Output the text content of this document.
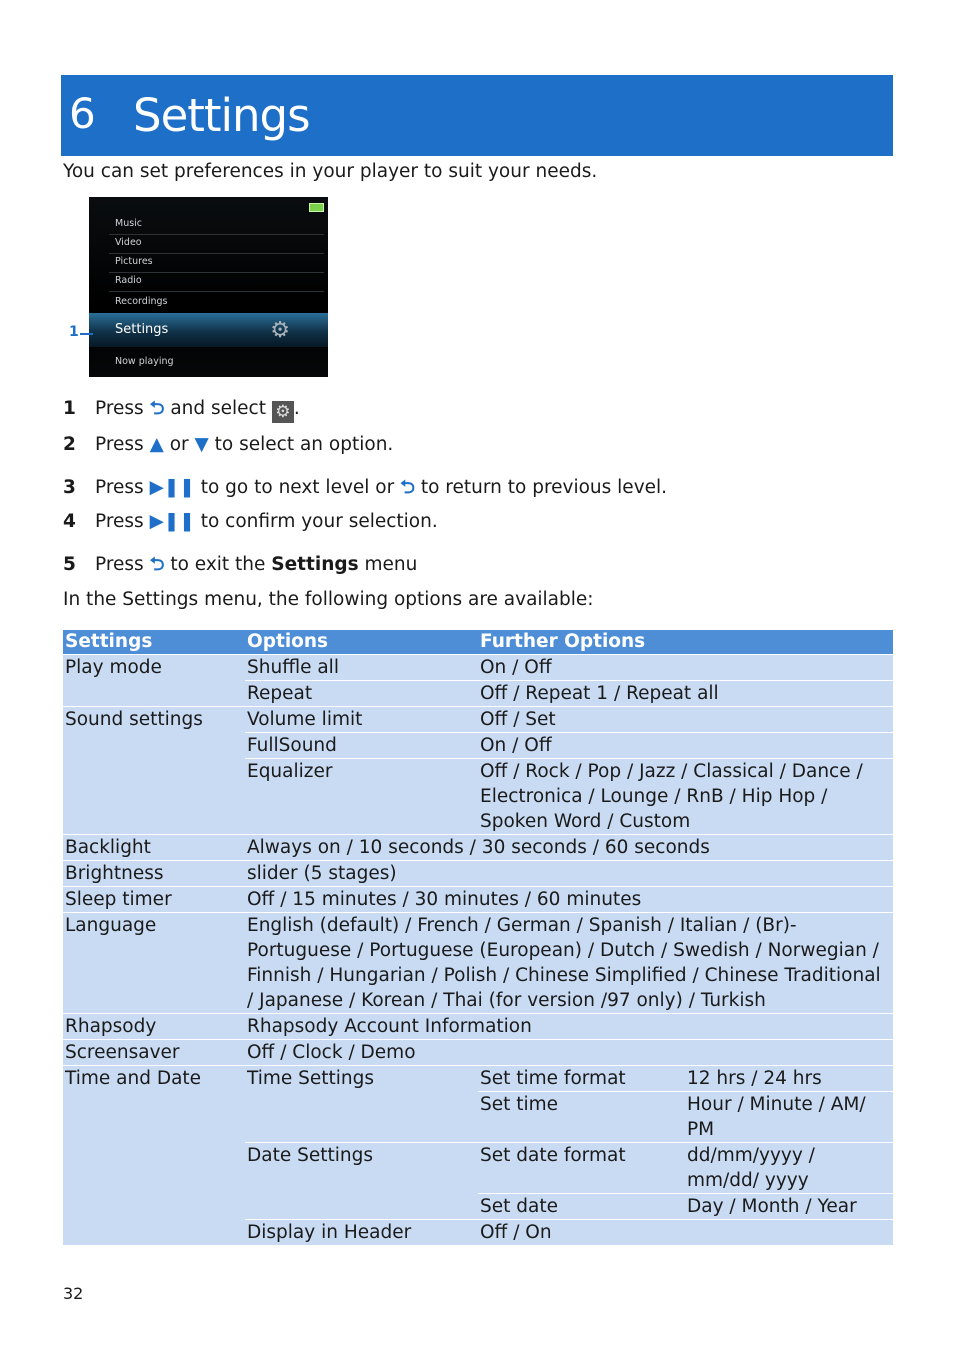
6 Settings
You can set preferences in your player to suit your needs.
Music
Video
Pictures
Radio
Recordings
Settings	⚙
Now playing
1
1 Press ⮌ and select ⚙ .
2 Press ▲ or ▼ to select an option.
3 Press ▶❚❚ to go to next level or ⮌ to return to previous level.
4 Press ▶❚❚ to confirm your selection.
5 Press ⮌ to exit the Settings menu
In the Settings menu, the following options are available:
Settings	Options	Further Options	
Play mode	Shuffle all	On / Off	
	Repeat	Off / Repeat 1 / Repeat all	
Sound settings	Volume limit	Off / Set	
	FullSound	On / Off	
	Equalizer	Off / Rock / Pop / Jazz / Classical / Dance / Electronica / Lounge / RnB / Hip Hop / Spoken Word / Custom	
Backlight	Always on / 10 seconds / 30 seconds / 60 seconds		
Brightness	slider (5 stages)		
Sleep timer	Off / 15 minutes / 30 minutes / 60 minutes		
Language	English (default) / French / German / Spanish / Italian / (Br)-Portuguese / Portuguese (European) / Dutch / Swedish / Norwegian / Finnish / Hungarian / Polish / Chinese Simplified / Chinese Traditional / Japanese / Korean / Thai (for version /97 only) / Turkish		
Rhapsody	Rhapsody Account Information		
Screensaver	Off / Clock / Demo		
Time and Date	Time Settings	Set time format	12 hrs / 24 hrs
		Set time	Hour / Minute / AM/ PM
	Date Settings	Set date format	dd/mm/yyyy / mm/dd/ yyyy
		Set date	Day / Month / Year
	Display in Header	Off / On	
32
